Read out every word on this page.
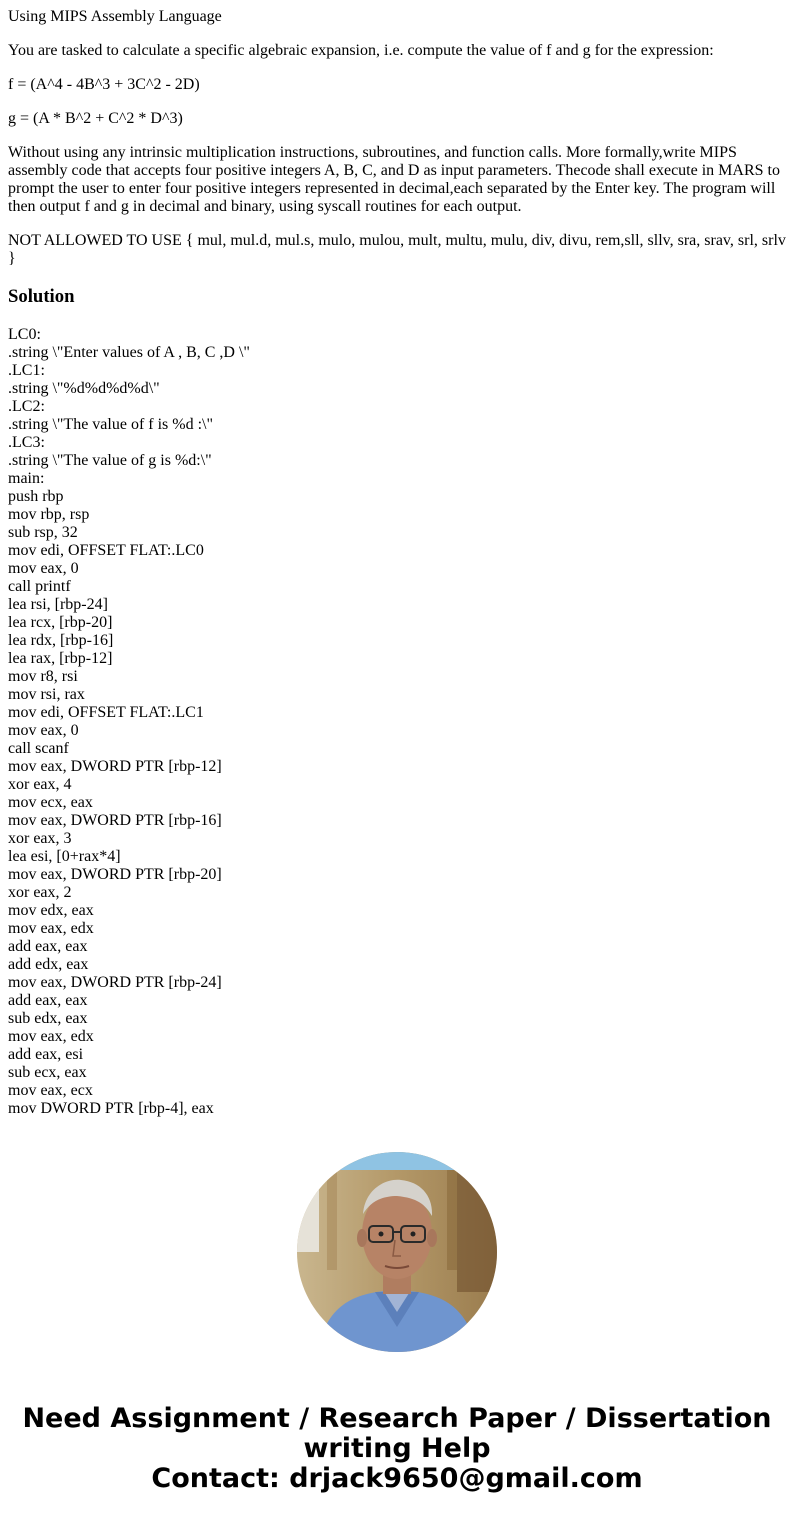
Using MIPS Assembly Language

You are tasked to calculate a specific algebraic expansion, i.e. compute the value of f and g for the expression:

f = (A^4 - 4B^3 + 3C^2 - 2D)

g = (A * B^2 + C^2 * D^3)

Without using any intrinsic multiplication instructions, subroutines, and function calls. More formally,write MIPS assembly code that accepts four positive integers A, B, C, and D as input parameters. Thecode shall execute in MARS to prompt the user to enter four positive integers represented in decimal,each separated by the Enter key. The program will then output f and g in decimal and binary, using syscall routines for each output.

NOT ALLOWED TO USE { mul, mul.d, mul.s, mulo, mulou, mult, multu, mulu, div, divu, rem,sll, sllv, sra, srav, srl, srlv }

Solution
LC0:
.string \"Enter values of A , B, C ,D \"
.LC1:
.string \"%d%d%d%d\"
.LC2:
.string \"The value of f is %d :\"
.LC3:
.string \"The value of g is %d:\"
main:
push rbp
mov rbp, rsp
sub rsp, 32
mov edi, OFFSET FLAT:.LC0
mov eax, 0
call printf
lea rsi, [rbp-24]
lea rcx, [rbp-20]
lea rdx, [rbp-16]
lea rax, [rbp-12]
mov r8, rsi
mov rsi, rax
mov edi, OFFSET FLAT:.LC1
mov eax, 0
call scanf
mov eax, DWORD PTR [rbp-12]
xor eax, 4
mov ecx, eax
mov eax, DWORD PTR [rbp-16]
xor eax, 3
lea esi, [0+rax*4]
mov eax, DWORD PTR [rbp-20]
xor eax, 2
mov edx, eax
mov eax, edx
add eax, eax
add edx, eax
mov eax, DWORD PTR [rbp-24]
add eax, eax
sub edx, eax
mov eax, edx
add eax, esi
sub ecx, eax
mov eax, ecx
mov DWORD PTR [rbp-4], eax
Need Assignment / Research Paper / Dissertation
writing Help
Contact: drjack9650@gmail.com
